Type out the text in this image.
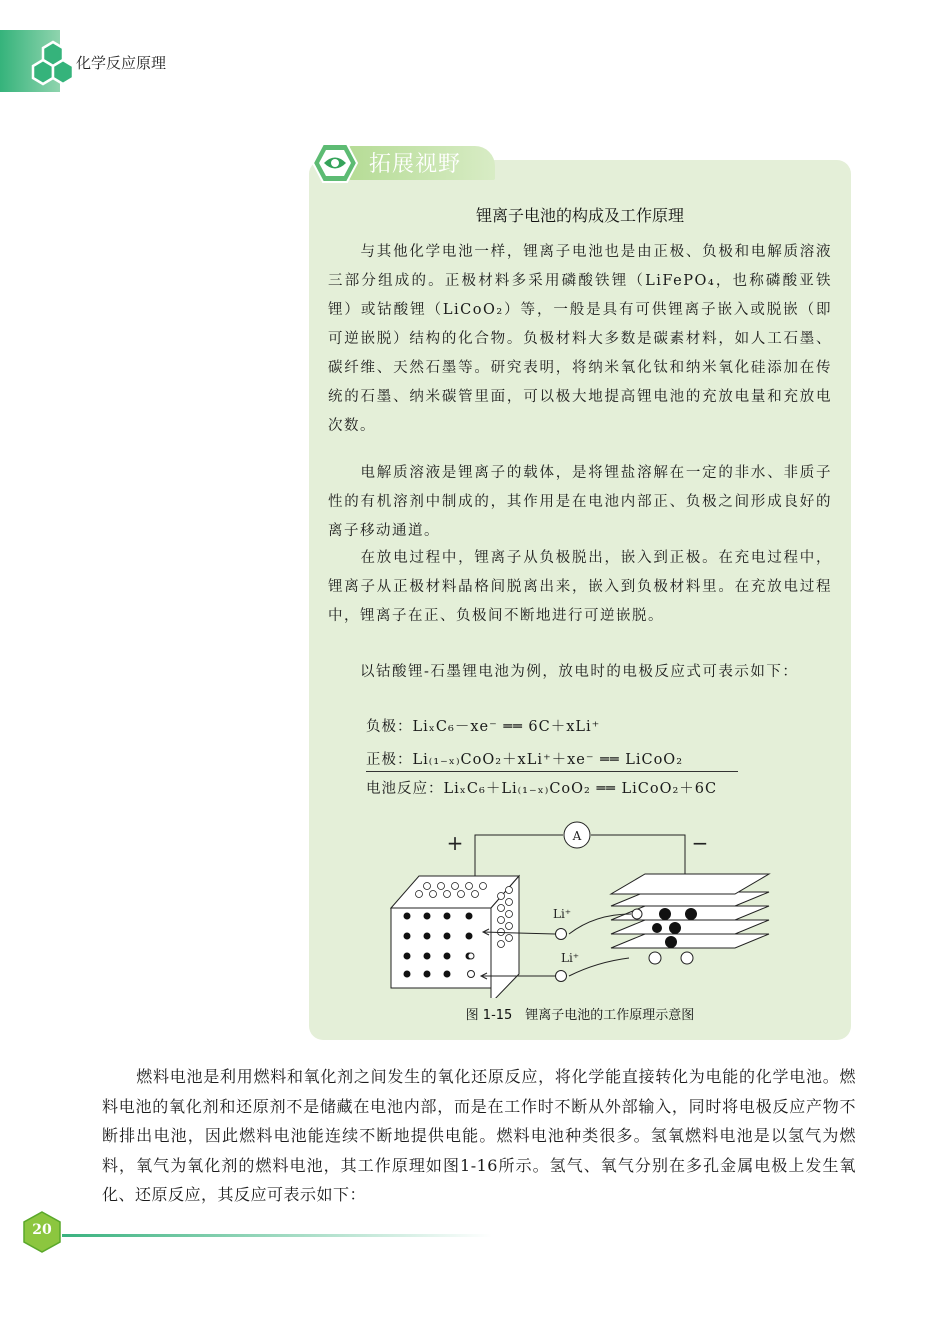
化学反应原理
拓展视野
锂离子电池的构成及工作原理

　　与其他化学电池一样，锂离子电池也是由正极、负极和电解质溶液三部分组成的。正极材料多采用磷酸铁锂（LiFePO₄，也称磷酸亚铁锂）或钴酸锂（LiCoO₂）等，一般是具有可供锂离子嵌入或脱嵌（即可逆嵌脱）结构的化合物。负极材料大多数是碳素材料，如人工石墨、碳纤维、天然石墨等。研究表明，将纳米氧化钛和纳米氧化硅添加在传统的石墨、纳米碳管里面，可以极大地提高锂电池的充放电量和充放电次数。

　　电解质溶液是锂离子的载体，是将锂盐溶解在一定的非水、非质子性的有机溶剂中制成的，其作用是在电池内部正、负极之间形成良好的离子移动通道。

　　在放电过程中，锂离子从负极脱出，嵌入到正极。在充电过程中，锂离子从正极材料晶格间脱离出来，嵌入到负极材料里。在充放电过程中，锂离子在正、负极间不断地进行可逆嵌脱。

　　以钴酸锂-石墨锂电池为例，放电时的电极反应式可表示如下：

负极：LiₓC₆－xe⁻ ══ 6C＋xLi⁺
正极：Li₍₁₋ₓ₎CoO₂＋xLi⁺＋xe⁻ ══ LiCoO₂
电池反应：LiₓC₆＋Li₍₁₋ₓ₎CoO₂ ══ LiCoO₂＋6C
A
+	−
Li⁺
Li⁺
图 1-15　锂离子电池的工作原理示意图

燃料电池是利用燃料和氧化剂之间发生的氧化还原反应，将化学能直接转化为电能的化学电池。燃料电池的氧化剂和还原剂不是储藏在电池内部，而是在工作时不断从外部输入，同时将电极反应产物不断排出电池，因此燃料电池能连续不断地提供电能。燃料电池种类很多。氢氧燃料电池是以氢气为燃料，氧气为氧化剂的燃料电池，其工作原理如图1-16所示。氢气、氧气分别在多孔金属电极上发生氧化、还原反应，其反应可表示如下：

20
